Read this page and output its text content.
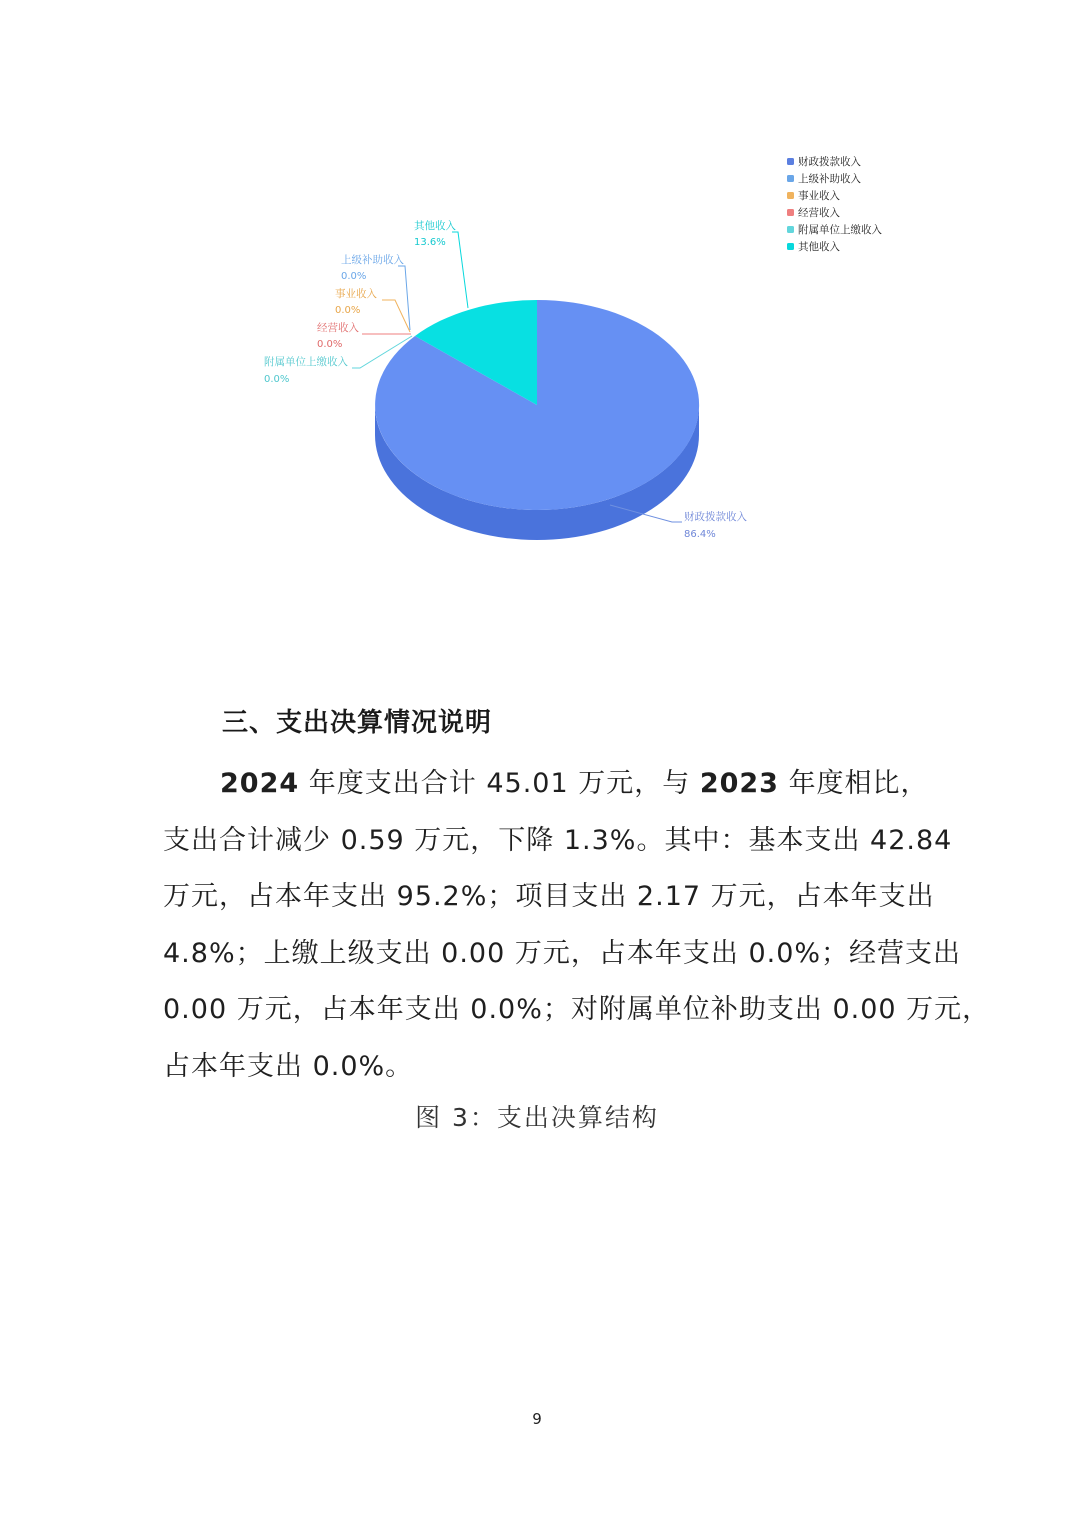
其他收入
13.6%
上级补助收入
0.0%
事业收入
0.0%
经营收入
0.0%
附属单位上缴收入
0.0%
财政拨款收入
86.4%
财政拨款收入
上级补助收入
事业收入
经营收入
附属单位上缴收入
其他收入
三、支出决算情况说明
2024 年度支出合计 45.01 万元，与 2023 年度相比，
支出合计减少 0.59 万元，下降 1.3%。其中：基本支出 42.84
万元，占本年支出 95.2%；项目支出 2.17 万元，占本年支出
4.8%；上缴上级支出 0.00 万元，占本年支出 0.0%；经营支出
0.00 万元，占本年支出 0.0%；对附属单位补助支出 0.00 万元，
占本年支出 0.0%。
图 3：支出决算结构
9
